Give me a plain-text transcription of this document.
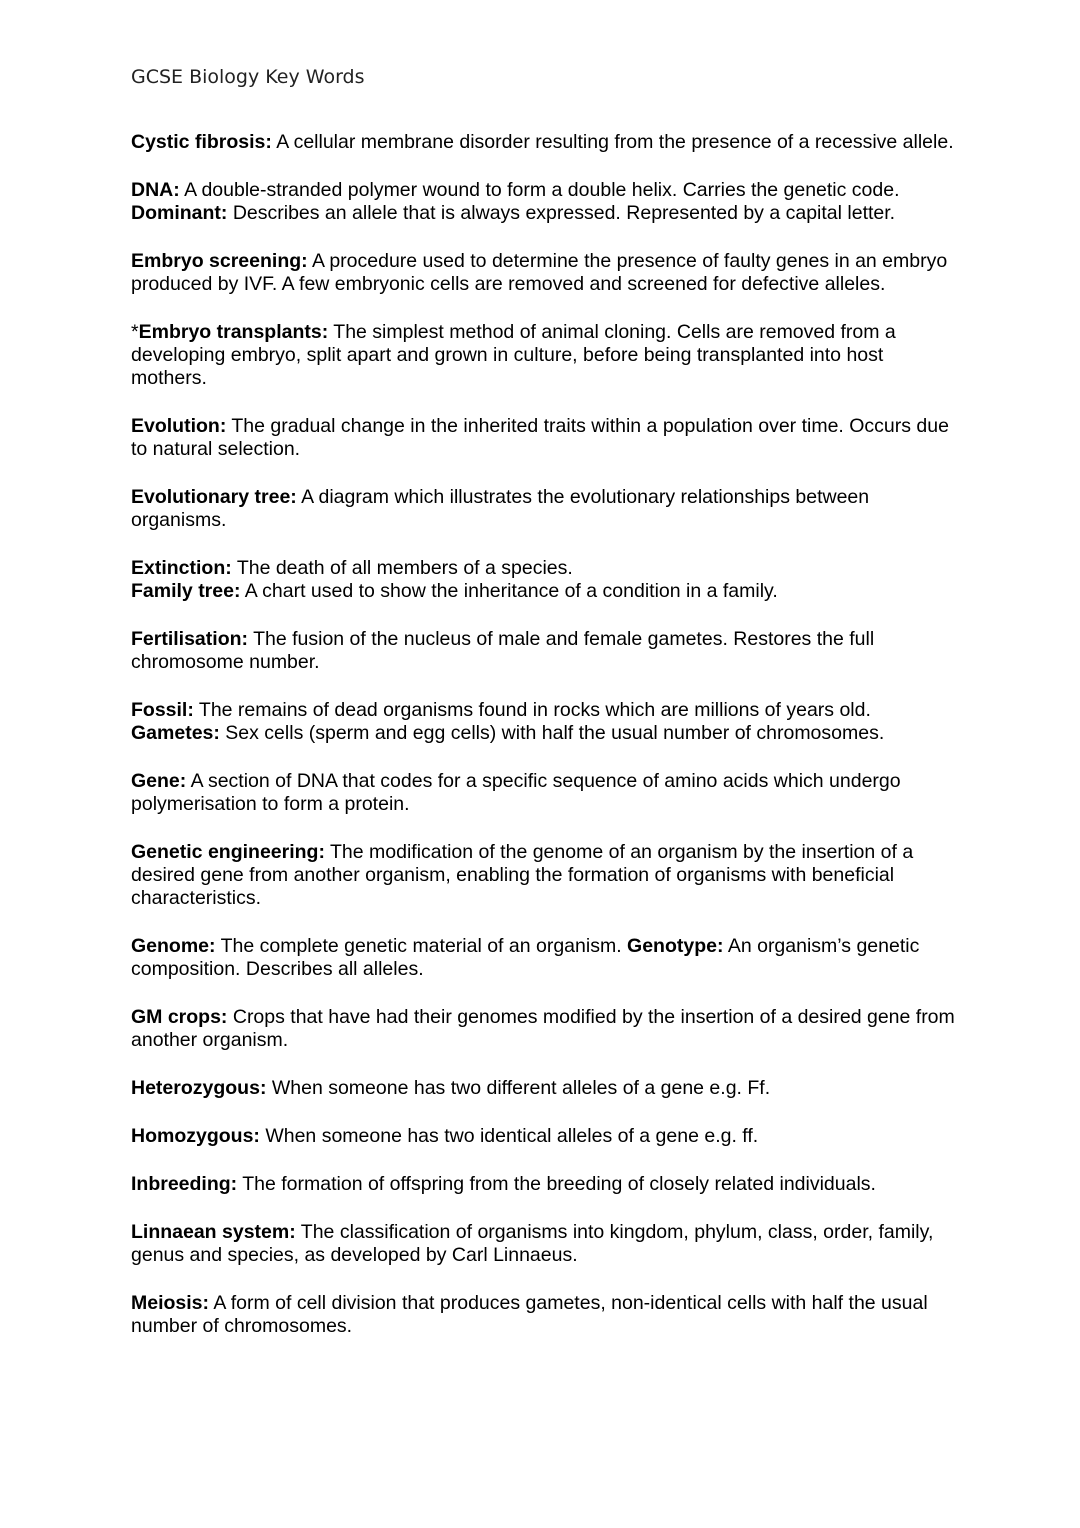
GCSE Biology Key Words
Cystic fibrosis: A cellular membrane disorder resulting from the presence of a recessive allele.
DNA: A double-stranded polymer wound to form a double helix. Carries the genetic code.
Dominant: Describes an allele that is always expressed. Represented by a capital letter.
Embryo screening: A procedure used to determine the presence of faulty genes in an embryo produced by IVF. A few embryonic cells are removed and screened for defective alleles.
*Embryo transplants: The simplest method of animal cloning. Cells are removed from a developing embryo, split apart and grown in culture, before being transplanted into host mothers.
Evolution: The gradual change in the inherited traits within a population over time. Occurs due to natural selection.
Evolutionary tree: A diagram which illustrates the evolutionary relationships between organisms.
Extinction: The death of all members of a species.
Family tree: A chart used to show the inheritance of a condition in a family.
Fertilisation: The fusion of the nucleus of male and female gametes. Restores the full chromosome number.
Fossil: The remains of dead organisms found in rocks which are millions of years old.
Gametes: Sex cells (sperm and egg cells) with half the usual number of chromosomes.
Gene: A section of DNA that codes for a specific sequence of amino acids which undergo polymerisation to form a protein.
Genetic engineering: The modification of the genome of an organism by the insertion of a desired gene from another organism, enabling the formation of organisms with beneficial characteristics.
Genome: The complete genetic material of an organism. Genotype: An organism’s genetic composition. Describes all alleles.
GM crops: Crops that have had their genomes modified by the insertion of a desired gene from another organism.
Heterozygous: When someone has two different alleles of a gene e.g. Ff.
Homozygous: When someone has two identical alleles of a gene e.g. ff.
Inbreeding: The formation of offspring from the breeding of closely related individuals.
Linnaean system: The classification of organisms into kingdom, phylum, class, order, family, genus and species, as developed by Carl Linnaeus.
Meiosis: A form of cell division that produces gametes, non-identical cells with half the usual number of chromosomes.
